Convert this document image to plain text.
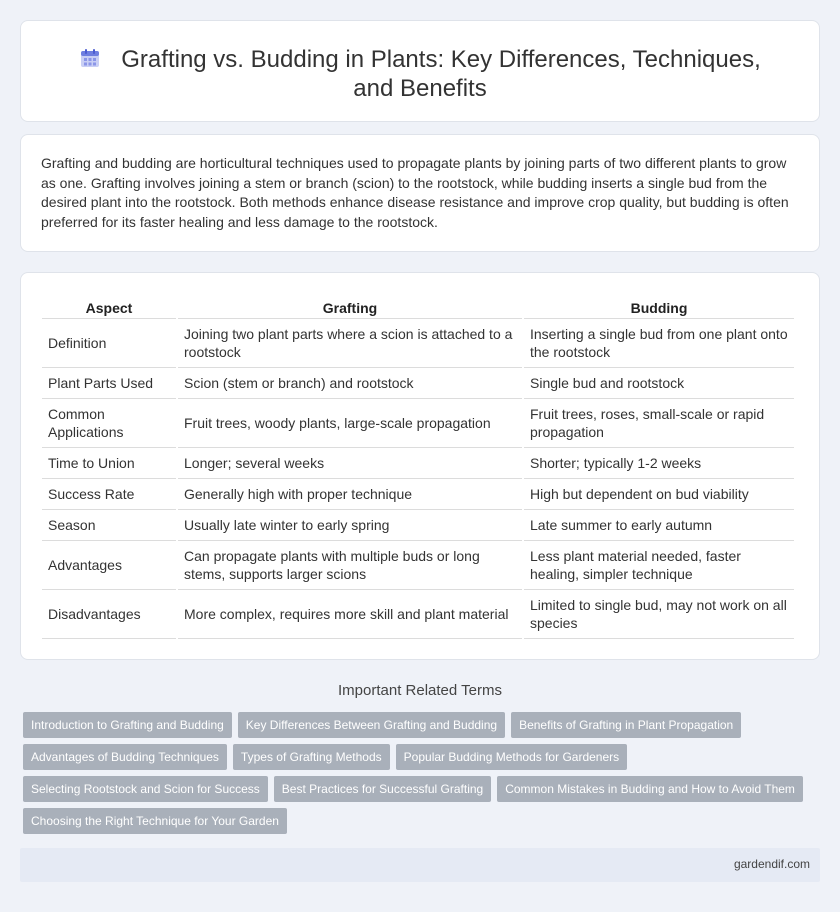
Grafting vs. Budding in Plants: Key Differences, Techniques, and Benefits

Grafting and budding are horticultural techniques used to propagate plants by joining parts of two different plants to grow as one. Grafting involves joining a stem or branch (scion) to the rootstock, while budding inserts a single bud from the desired plant into the rootstock. Both methods enhance disease resistance and improve crop quality, but budding is often preferred for its faster healing and less damage to the rootstock.

Aspect	Grafting	Budding
Definition	Joining two plant parts where a scion is attached to a rootstock	Inserting a single bud from one plant onto the rootstock
Plant Parts Used	Scion (stem or branch) and rootstock	Single bud and rootstock
Common Applications	Fruit trees, woody plants, large-scale propagation	Fruit trees, roses, small-scale or rapid propagation
Time to Union	Longer; several weeks	Shorter; typically 1-2 weeks
Success Rate	Generally high with proper technique	High but dependent on bud viability
Season	Usually late winter to early spring	Late summer to early autumn
Advantages	Can propagate plants with multiple buds or long stems, supports larger scions	Less plant material needed, faster healing, simpler technique
Disadvantages	More complex, requires more skill and plant material	Limited to single bud, may not work on all species
Important Related Terms
Introduction to Grafting and Budding	Key Differences Between Grafting and Budding	Benefits of Grafting in Plant Propagation
Advantages of Budding Techniques	Types of Grafting Methods	Popular Budding Methods for Gardeners
Selecting Rootstock and Scion for Success	Best Practices for Successful Grafting	Common Mistakes in Budding and How to Avoid Them
Choosing the Right Technique for Your Garden
gardendif.com
